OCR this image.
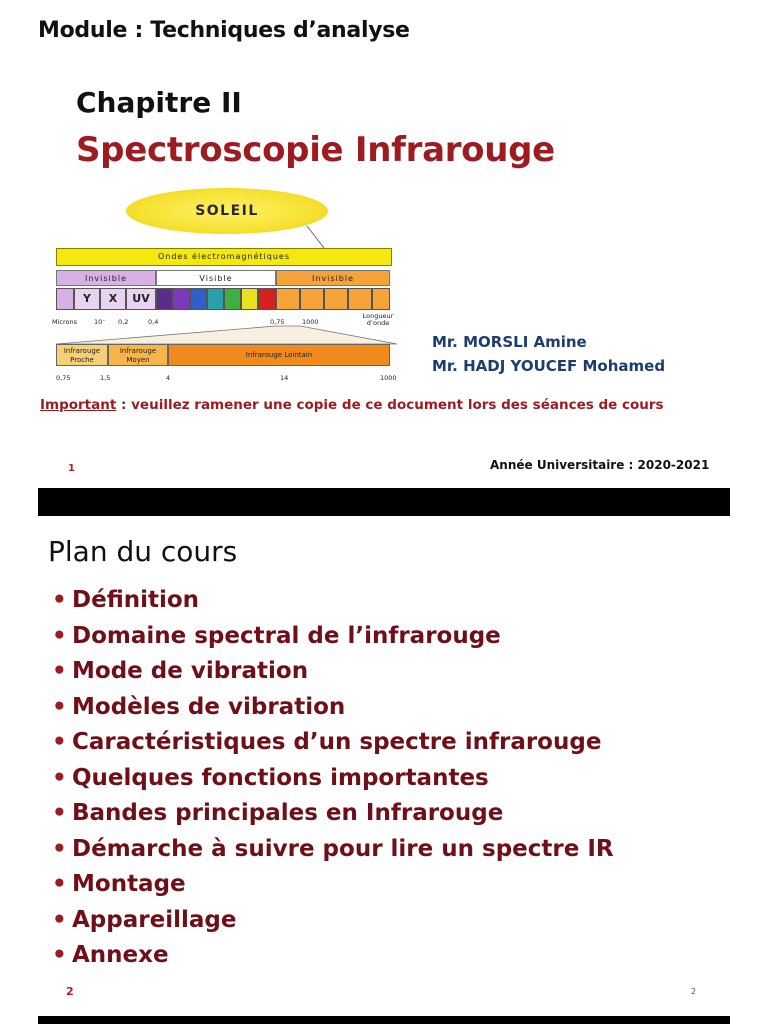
Module : Techniques d’analyse
Chapitre II
Spectroscopie Infrarouge
SOLEIL
Ondes électromagnétiques
Invisible	Visible	Invisible
Y	X	UV
Microns	10⁻ 0,2	0,4	0,75	1000
Longueur d’onde
Infrarouge Proche
Infrarouge Moyen
Infrarouge Lointain
0,75	1,5	4	14	1000
Mr. MORSLI Amine
Mr. HADJ YOUCEF Mohamed
Important : veuillez ramener une copie de ce document lors des séances de cours
1	Année Universitaire : 2020-2021
Plan du cours
• Définition
• Domaine spectral de l’infrarouge
• Mode de vibration
• Modèles de vibration
• Caractéristiques d’un spectre infrarouge
• Quelques fonctions importantes
• Bandes principales en Infrarouge
• Démarche à suivre pour lire un spectre IR
• Montage
• Appareillage
• Annexe
2	2
